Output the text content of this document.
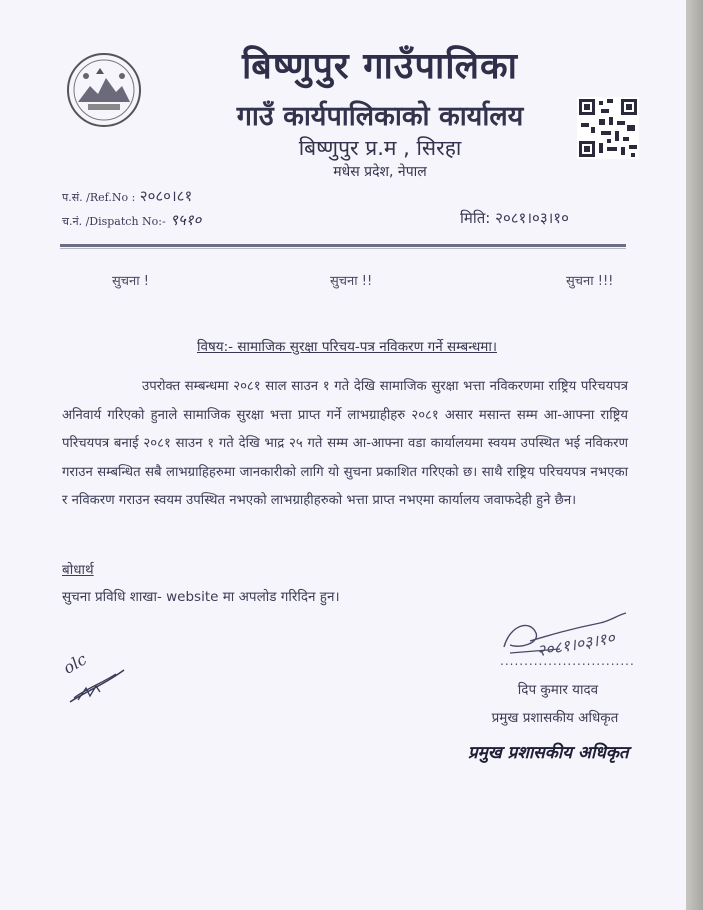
बिष्णुपुर गाउँपालिका
गाउँ कार्यपालिकाको कार्यालय
बिष्णुपुर प्र.म , सिरहा
मधेस प्रदेश, नेपाल
प.सं. /Ref.No : २०८०।८१
च.नं. /Dispatch No:- ९५१०	मिति: २०८१।०३।१०
सुचना !	सुचना !!	सुचना !!!
विषय:- सामाजिक सुरक्षा परिचय-पत्र नविकरण गर्ने सम्बन्धमा।
उपरोक्त सम्बन्धमा २०८१ साल साउन १ गते देखि सामाजिक सुरक्षा भत्ता नविकरणमा राष्ट्रिय परिचयपत्र अनिवार्य गरिएको हुनाले सामाजिक सुरक्षा भत्ता प्राप्त गर्ने लाभग्राहीहरु २०८१ असार मसान्त सम्म आ-आफ्ना राष्ट्रिय परिचयपत्र बनाई २०८१ साउन १ गते देखि भाद्र २५ गते सम्म आ-आफ्ना वडा कार्यालयमा स्वयम उपस्थित भई नविकरण गराउन सम्बन्धित सबै लाभग्राहिहरुमा जानकारीको लागि यो सुचना प्रकाशित गरिएको छ। साथै राष्ट्रिय परिचयपत्र नभएका र नविकरण गराउन स्वयम उपस्थित नभएको लाभग्राहीहरुको भत्ता प्राप्त नभएमा कार्यालय जवाफदेही हुने छैन।
बोधार्थ
सुचना प्रविधि शाखा- website मा अपलोड गरिदिन हुन।
olc
२०८१।०३।१०
............................
दिप कुमार यादव
प्रमुख प्रशासकीय अधिकृत
प्रमुख प्रशासकीय अधिकृत
